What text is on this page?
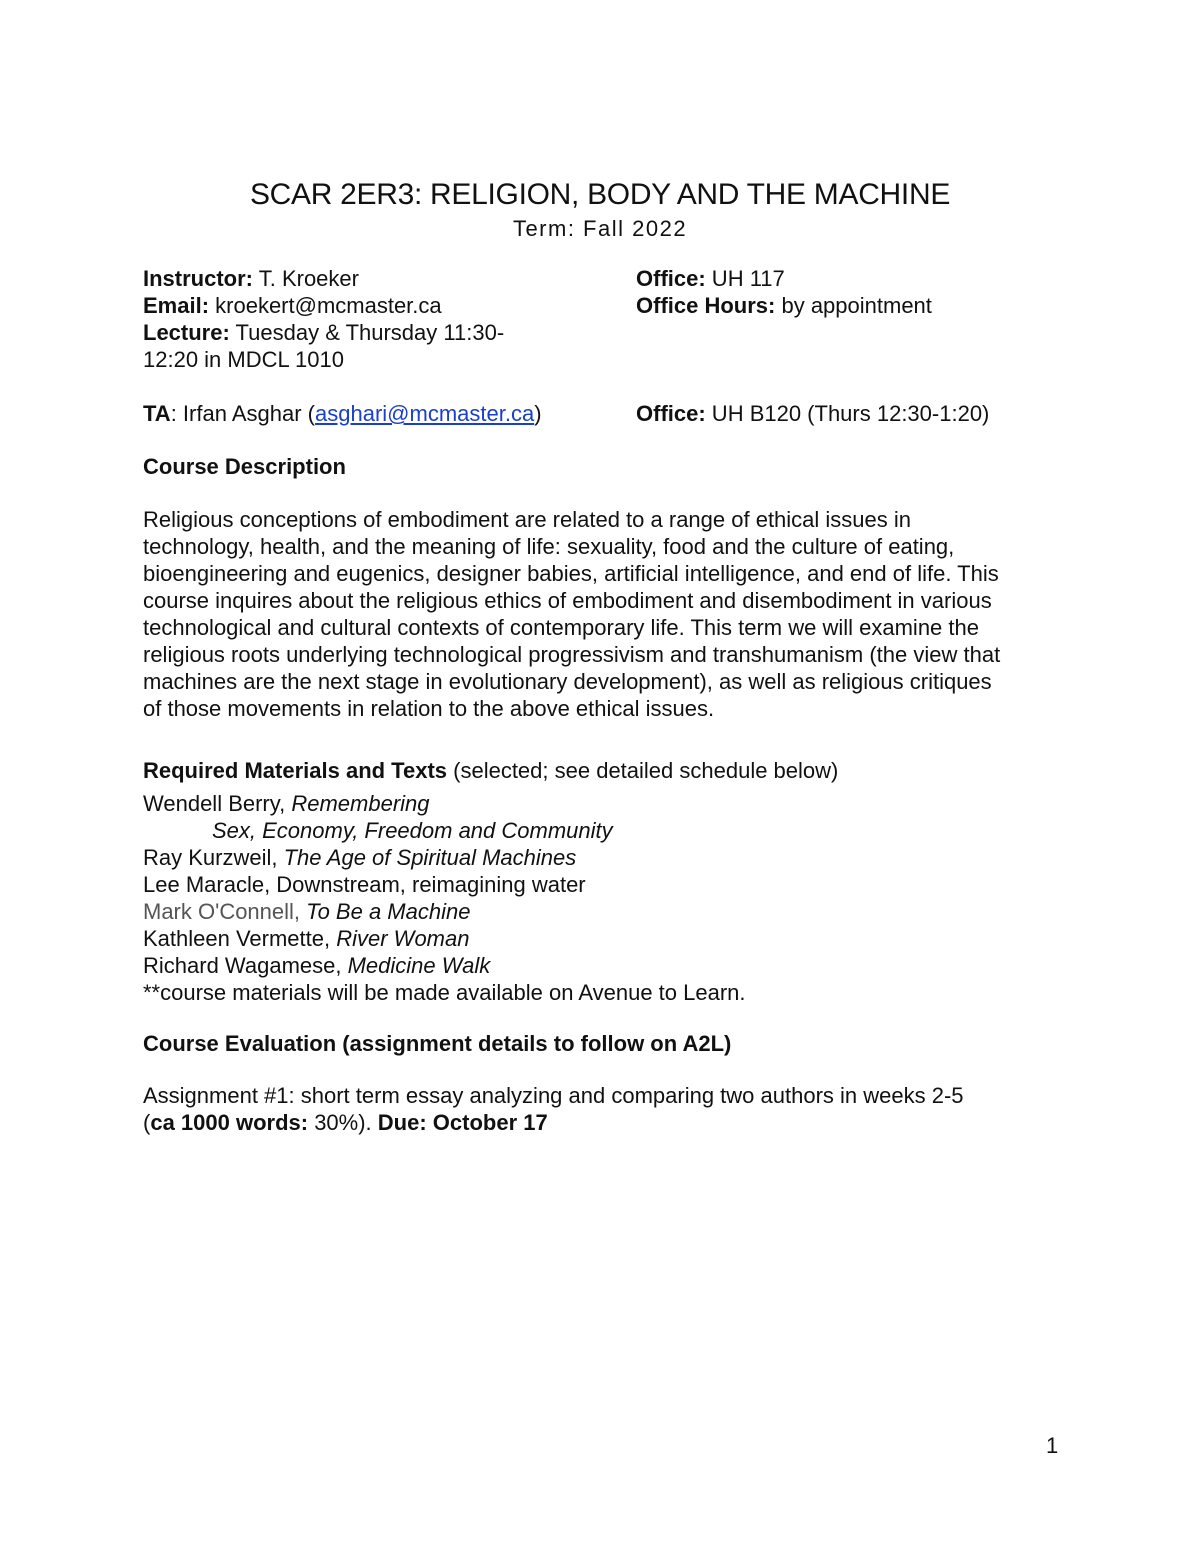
SCAR 2ER3: RELIGION, BODY AND THE MACHINE
Term: Fall 2022
Instructor: T. Kroeker
Email: kroekert@mcmaster.ca
Lecture: Tuesday & Thursday 11:30-
12:20 in MDCL 1010
Office: UH 117
Office Hours: by appointment
TA: Irfan Asghar (asghari@mcmaster.ca)	Office: UH B120 (Thurs 12:30-1:20)
Course Description
Religious conceptions of embodiment are related to a range of ethical issues in
technology, health, and the meaning of life: sexuality, food and the culture of eating,
bioengineering and eugenics, designer babies, artificial intelligence, and end of life. This
course inquires about the religious ethics of embodiment and disembodiment in various
technological and cultural contexts of contemporary life. This term we will examine the
religious roots underlying technological progressivism and transhumanism (the view that
machines are the next stage in evolutionary development), as well as religious critiques
of those movements in relation to the above ethical issues.
Required Materials and Texts (selected; see detailed schedule below)
Wendell Berry, Remembering
Sex, Economy, Freedom and Community
Ray Kurzweil, The Age of Spiritual Machines
Lee Maracle, Downstream, reimagining water
Mark O'Connell, To Be a Machine
Kathleen Vermette, River Woman
Richard Wagamese, Medicine Walk
**course materials will be made available on Avenue to Learn.
Course Evaluation (assignment details to follow on A2L)
Assignment #1: short term essay analyzing and comparing two authors in weeks 2-5
(ca 1000 words: 30%). Due: October 17
1
